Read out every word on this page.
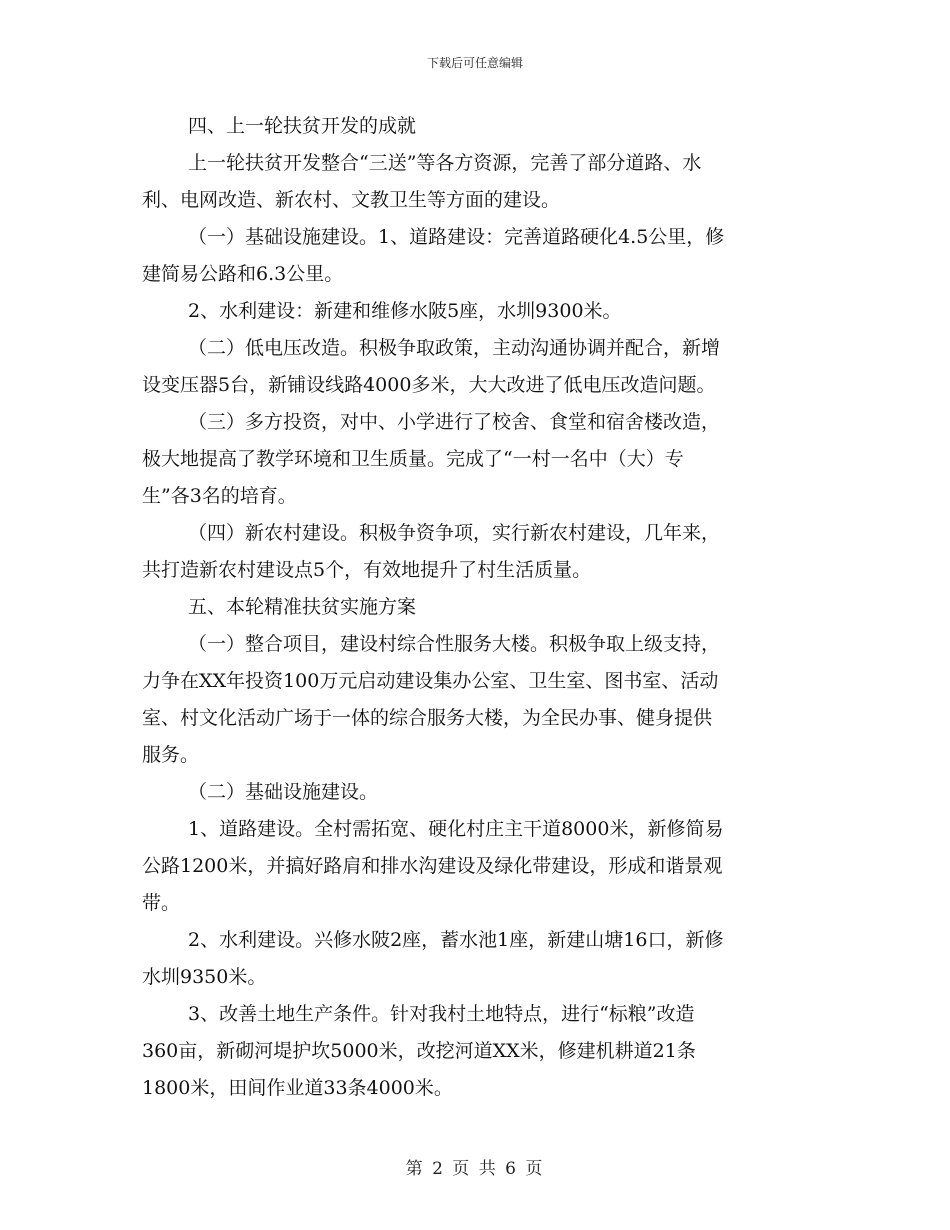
下载后可任意编辑
四、上一轮扶贫开发的成就
上一轮扶贫开发整合“三送”等各方资源，完善了部分道路、水
利、电网改造、新农村、文教卫生等方面的建设。
（一）基础设施建设。1、道路建设：完善道路硬化4.5公里，修
建简易公路和6.3公里。
2、水利建设：新建和维修水陂5座，水圳9300米。
（二）低电压改造。积极争取政策，主动沟通协调并配合，新增
设变压器5台，新铺设线路4000多米，大大改进了低电压改造问题。
（三）多方投资，对中、小学进行了校舍、食堂和宿舍楼改造，
极大地提高了教学环境和卫生质量。完成了“一村一名中（大）专
生”各3名的培育。
（四）新农村建设。积极争资争项，实行新农村建设，几年来，
共打造新农村建设点5个，有效地提升了村生活质量。
五、本轮精准扶贫实施方案
（一）整合项目，建设村综合性服务大楼。积极争取上级支持，
力争在XX年投资100万元启动建设集办公室、卫生室、图书室、活动
室、村文化活动广场于一体的综合服务大楼，为全民办事、健身提供
服务。
（二）基础设施建设。
1、道路建设。全村需拓宽、硬化村庄主干道8000米，新修简易
公路1200米，并搞好路肩和排水沟建设及绿化带建设，形成和谐景观
带。
2、水利建设。兴修水陂2座，蓄水池1座，新建山塘16口，新修
水圳9350米。
3、改善土地生产条件。针对我村土地特点，进行“标粮”改造
360亩，新砌河堤护坎5000米，改挖河道XX米，修建机耕道21条
1800米，田间作业道33条4000米。
第 2 页 共 6 页
